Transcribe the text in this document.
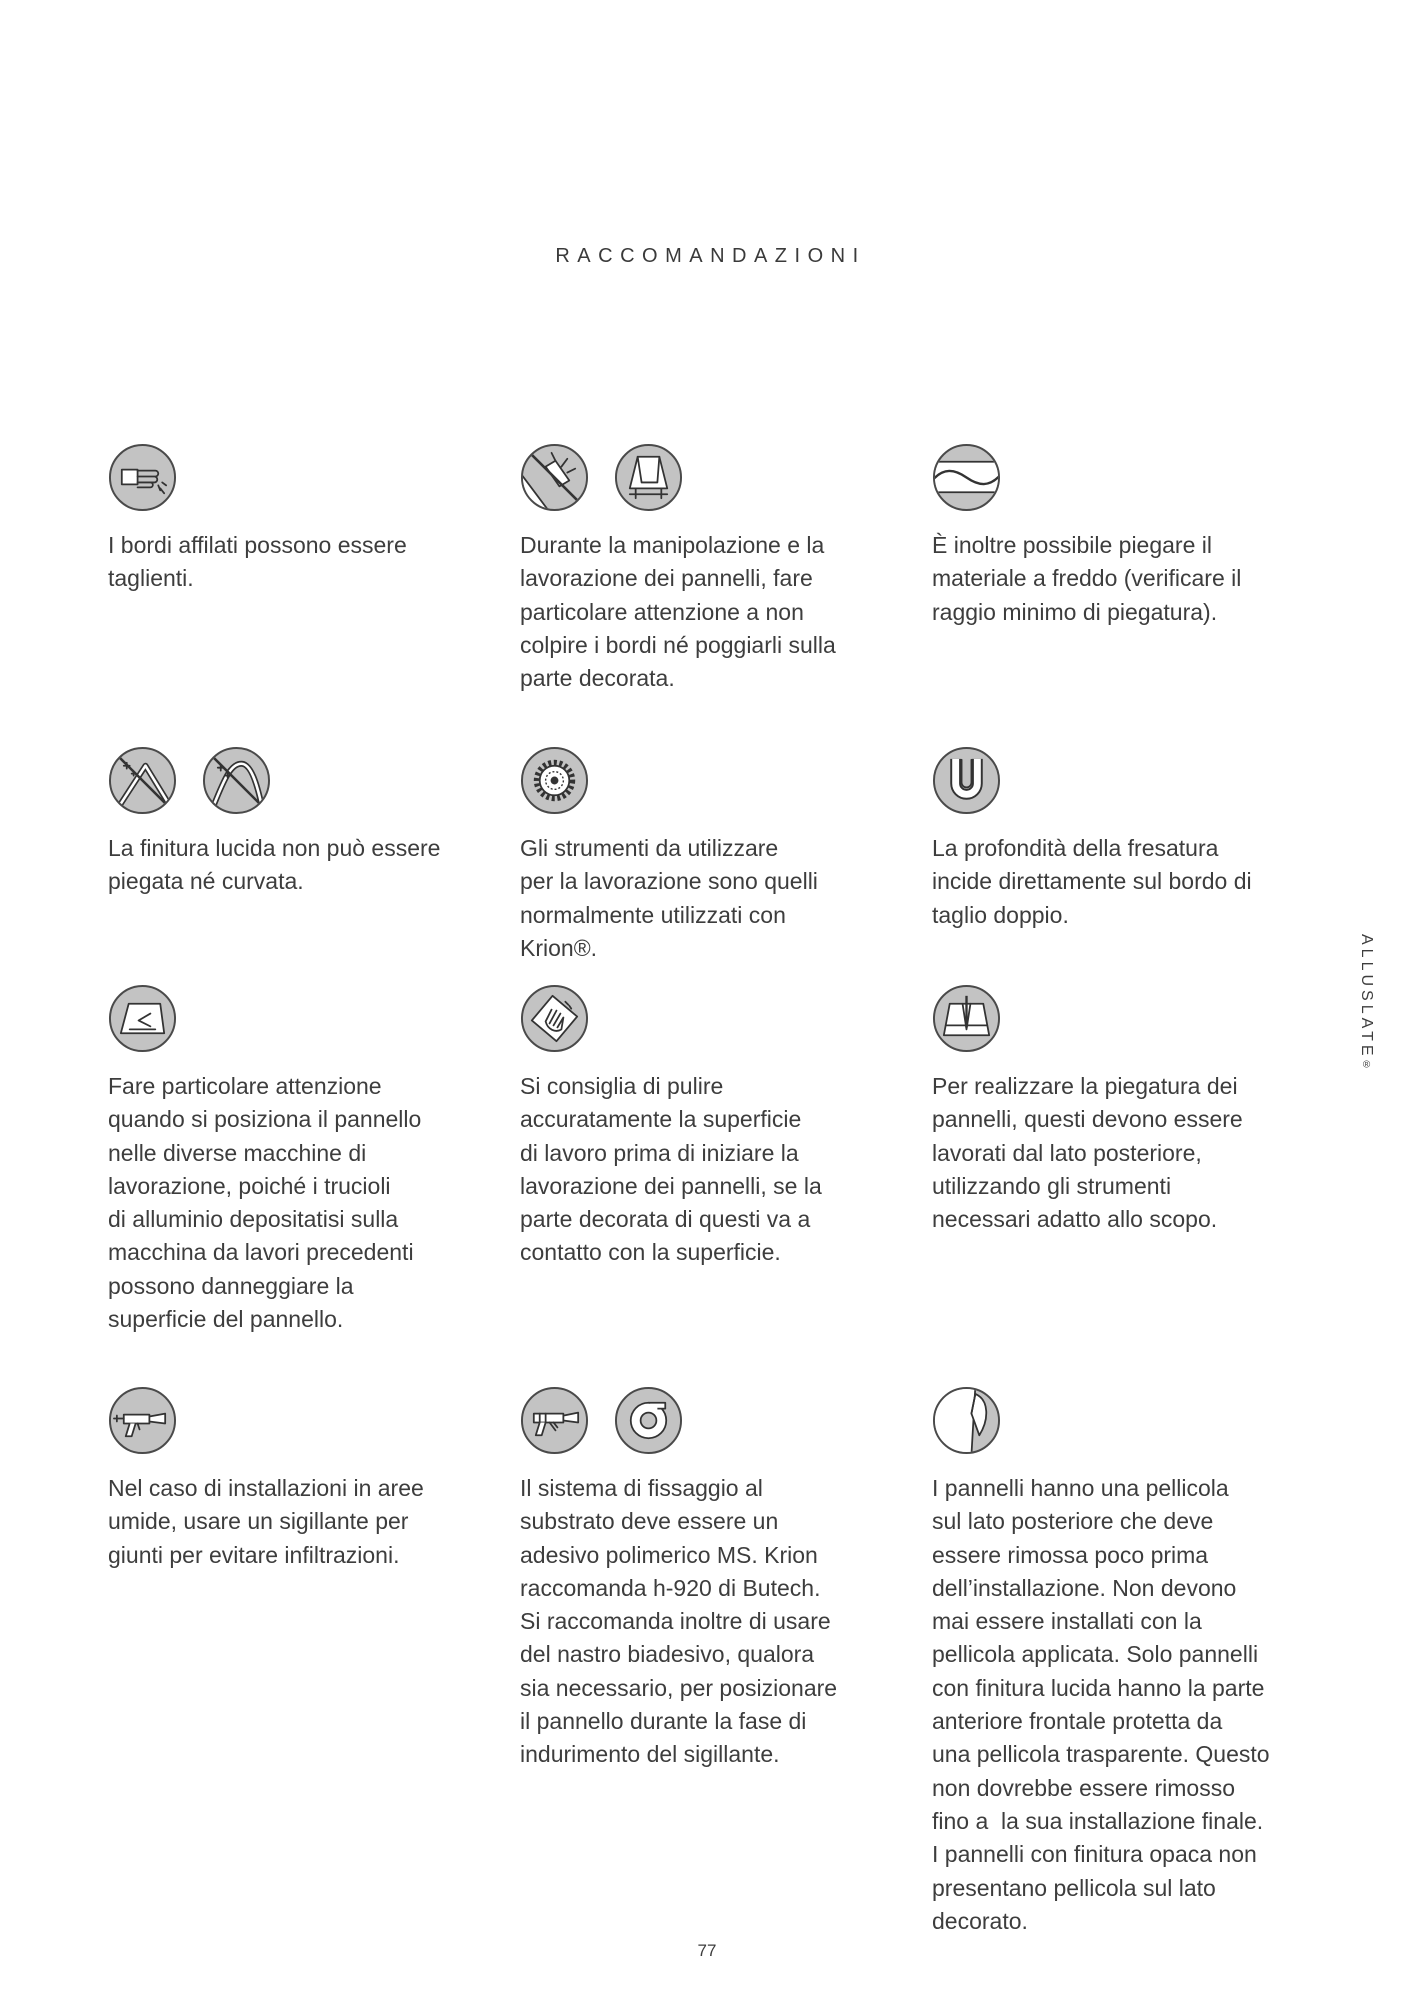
RACCOMANDAZIONI
I bordi affilati possono essere
taglienti.
Durante la manipolazione e la
lavorazione dei pannelli, fare
particolare attenzione a non
colpire i bordi né poggiarli sulla
parte decorata.
È inoltre possibile piegare il
materiale a freddo (verificare il
raggio minimo di piegatura).
La finitura lucida non può essere
piegata né curvata.
Gli strumenti da utilizzare
per la lavorazione sono quelli
normalmente utilizzati con
Krion®.
La profondità della fresatura
incide direttamente sul bordo di
taglio doppio.
Fare particolare attenzione
quando si posiziona il pannello
nelle diverse macchine di
lavorazione, poiché i trucioli
di alluminio depositatisi sulla
macchina da lavori precedenti
possono danneggiare la
superficie del pannello.
Si consiglia di pulire
accuratamente la superficie
di lavoro prima di iniziare la
lavorazione dei pannelli, se la
parte decorata di questi va a
contatto con la superficie.
Per realizzare la piegatura dei
pannelli, questi devono essere
lavorati dal lato posteriore,
utilizzando gli strumenti
necessari adatto allo scopo.
Nel caso di installazioni in aree
umide, usare un sigillante per
giunti per evitare infiltrazioni.
Il sistema di fissaggio al
substrato deve essere un
adesivo polimerico MS. Krion
raccomanda h-920 di Butech.
Si raccomanda inoltre di usare
del nastro biadesivo, qualora
sia necessario, per posizionare
il pannello durante la fase di
indurimento del sigillante.
I pannelli hanno una pellicola
sul lato posteriore che deve
essere rimossa poco prima
dell’installazione. Non devono
mai essere installati con la
pellicola applicata. Solo pannelli
con finitura lucida hanno la parte
anteriore frontale protetta da
una pellicola trasparente. Questo
non dovrebbe essere rimosso
fino a  la sua installazione finale.
I pannelli con finitura opaca non
presentano pellicola sul lato
decorato.
ALLUSLATE®
77
